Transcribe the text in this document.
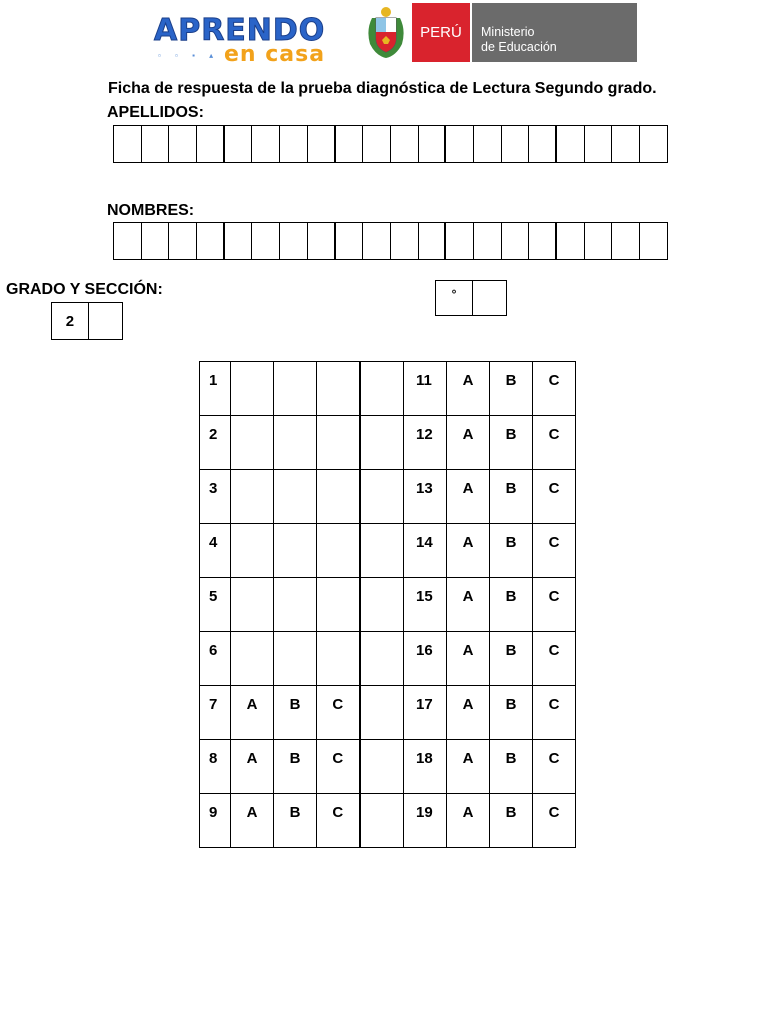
APRENDO
▫ ▫ ▪ ▴ en casa
PERÚ	Ministerio
de Educación
Ficha de respuesta de la prueba diagnóstica de Lectura Segundo grado.
APELLIDOS:
NOMBRES:
GRADO Y SECCIÓN:
2
°
1					11	A	B	C
2					12	A	B	C
3					13	A	B	C
4					14	A	B	C
5					15	A	B	C
6					16	A	B	C
7	A	B	C		17	A	B	C
8	A	B	C		18	A	B	C
9	A	B	C		19	A	B	C
